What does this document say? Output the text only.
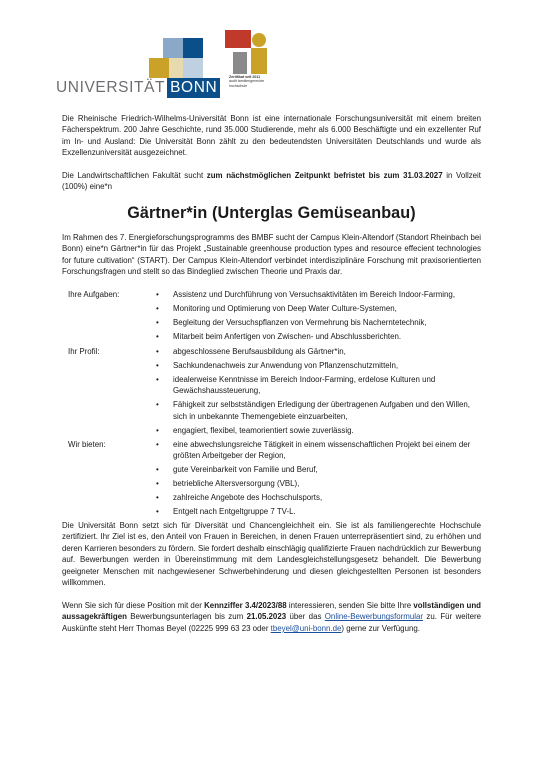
UNIVERSITÄT BONN
Zertifikat seit 2011
audit familiengerechte
hochschule
Die Rheinische Friedrich-Wilhelms-Universität Bonn ist eine internationale Forschungsuniversität mit einem breiten Fächerspektrum. 200 Jahre Geschichte, rund 35.000 Studierende, mehr als 6.000 Beschäftigte und ein exzellenter Ruf im In- und Ausland: Die Universität Bonn zählt zu den bedeutendsten Universitäten Deutschlands und wurde als Exzellenzuniversität ausgezeichnet.
Die Landwirtschaftlichen Fakultät sucht zum nächstmöglichen Zeitpunkt befristet bis zum 31.03.2027 in Vollzeit (100%) eine*n
Gärtner*in (Unterglas Gemüseanbau)
Im Rahmen des 7. Energieforschungsprogramms des BMBF sucht der Campus Klein-Altendorf (Standort Rheinbach bei Bonn) eine*n Gärtner*in für das Projekt „Sustainable greenhouse production types and resource effecient technologies for future cultivation“ (START). Der Campus Klein-Altendorf verbindet interdisziplinäre Forschung mit praxisorientierten Forschungsfragen und stellt so das Bindeglied zwischen Theorie und Praxis dar.
Ihre Aufgaben:	• Assistenz und Durchführung von Versuchsaktivitäten im Bereich Indoor-Farming,
• Monitoring und Optimierung von Deep Water Culture-Systemen,
• Begleitung der Versuchspflanzen von Vermehrung bis Nacherntetechnik,
• Mitarbeit beim Anfertigen von Zwischen- und Abschlussberichten.
Ihr Profil:	• abgeschlossene Berufsausbildung als Gärtner*in,
• Sachkundenachweis zur Anwendung von Pflanzenschutzmitteln,
• idealerweise Kenntnisse im Bereich Indoor-Farming, erdelose Kulturen und Gewächshaussteuerung,
• Fähigkeit zur selbstständigen Erledigung der übertragenen Aufgaben und den Willen, sich in unbekannte Themengebiete einzuarbeiten,
• engagiert, flexibel, teamorientiert sowie zuverlässig.
Wir bieten:	• eine abwechslungsreiche Tätigkeit in einem wissenschaftlichen Projekt bei einem der größten Arbeitgeber der Region,
• gute Vereinbarkeit von Familie und Beruf,
• betriebliche Altersversorgung (VBL),
• zahlreiche Angebote des Hochschulsports,
• Entgelt nach Entgeltgruppe 7 TV-L.
Die Universität Bonn setzt sich für Diversität und Chancengleichheit ein. Sie ist als familiengerechte Hochschule zertifiziert. Ihr Ziel ist es, den Anteil von Frauen in Bereichen, in denen Frauen unterrepräsentiert sind, zu erhöhen und deren Karrieren besonders zu fördern. Sie fordert deshalb einschlägig qualifizierte Frauen nachdrücklich zur Bewerbung auf. Bewerbungen werden in Übereinstimmung mit dem Landesgleichstellungsgesetz behandelt. Die Bewerbung geeigneter Menschen mit nachgewiesener Schwerbehinderung und diesen gleichgestellten Personen ist besonders willkommen.
Wenn Sie sich für diese Position mit der Kennziffer 3.4/2023/88 interessieren, senden Sie bitte Ihre vollständigen und aussagekräftigen Bewerbungsunterlagen bis zum 21.05.2023 über das Online-Bewerbungsformular zu. Für weitere Auskünfte steht Herr Thomas Beyel (02225 999 63 23 oder tbeyel@uni-bonn.de) gerne zur Verfügung.
